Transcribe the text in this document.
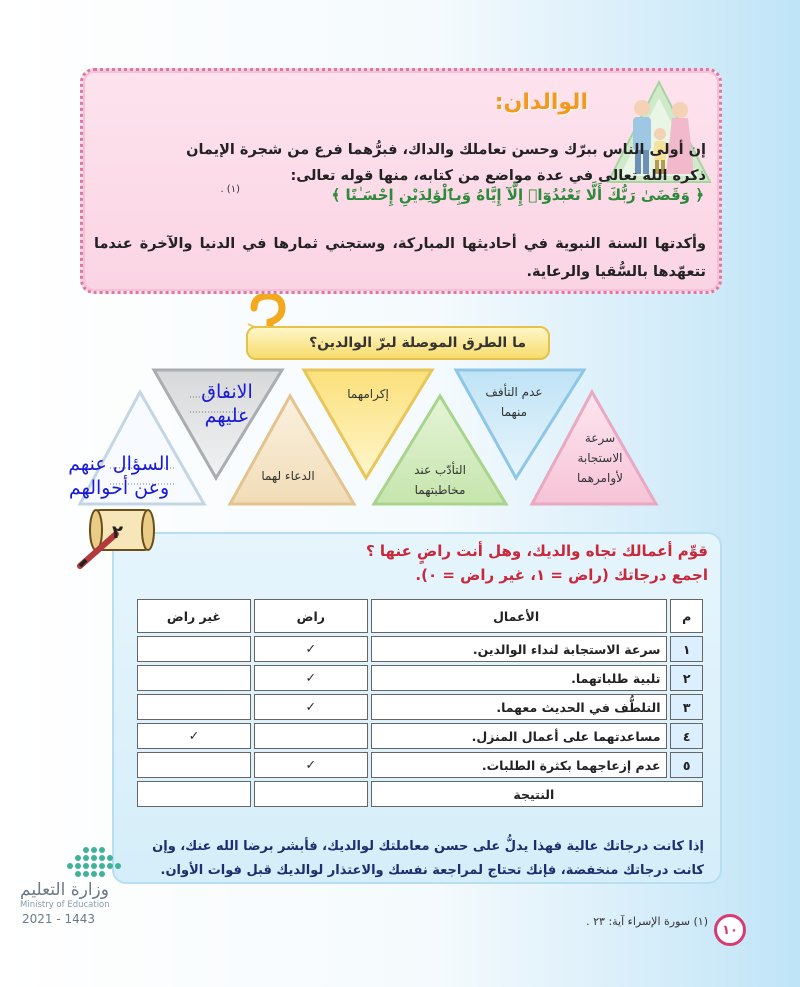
الوالدان:
إن أولى الناس ببرّك وحسن تعاملك والداك، فبرُّهما فرع من شجرة الإيمان
ذكره الله تعالى في عدة مواضع من كتابه، منها قوله تعالى:
﴿ وَقَضَىٰ رَبُّكَ أَلَّا تَعْبُدُوٓا۟ إِلَّآ إِيَّاهُ وَبِٱلْوَٰلِدَيْنِ إِحْسَـٰنًا ﴾
(١) .
وأكدتها السنة النبوية في أحاديثها المباركة، وستجني ثمارها في الدنيا والآخرة عندما تتعهّدها بالسُّقيا والرعاية.
ما الطرق الموصلة لبرّ الوالدين؟
سرعة
الاستجابة
لأوامرهما
عدم التأفف
منهما
التأدّب عند
مخاطبتهما
إكرامهما
الدعاء لهما
الانفاق
عليهم
السؤال عنهم
وعن أحوالهم
٢
قوِّم أعمالك تجاه والديك، وهل أنت راضٍ عنها ؟
اجمع درجاتك (راض = ١، غير راض = ٠).
م	الأعمال	راض	غير راض
١	سرعة الاستجابة لنداء الوالدين.	✓	
٢	تلبية طلباتهما.	✓	
٣	التلطُّف في الحديث معهما.	✓	
٤	مساعدتهما على أعمال المنزل.		✓
٥	عدم إزعاجهما بكثرة الطلبات.	✓	
النتيجة			
إذا كانت درجاتك عالية فهذا يدلُّ على حسن معاملتك لوالديك، فأبشر برضا الله عنك، وإن
كانت درجاتك منخفضة، فإنك تحتاج لمراجعة نفسك والاعتذار لوالديك قبل فوات الأوان.
وزارة التعليم
Ministry of Education
2021 - 1443	(١) سورة الإسراء آية: ٢٣ .
١٠
